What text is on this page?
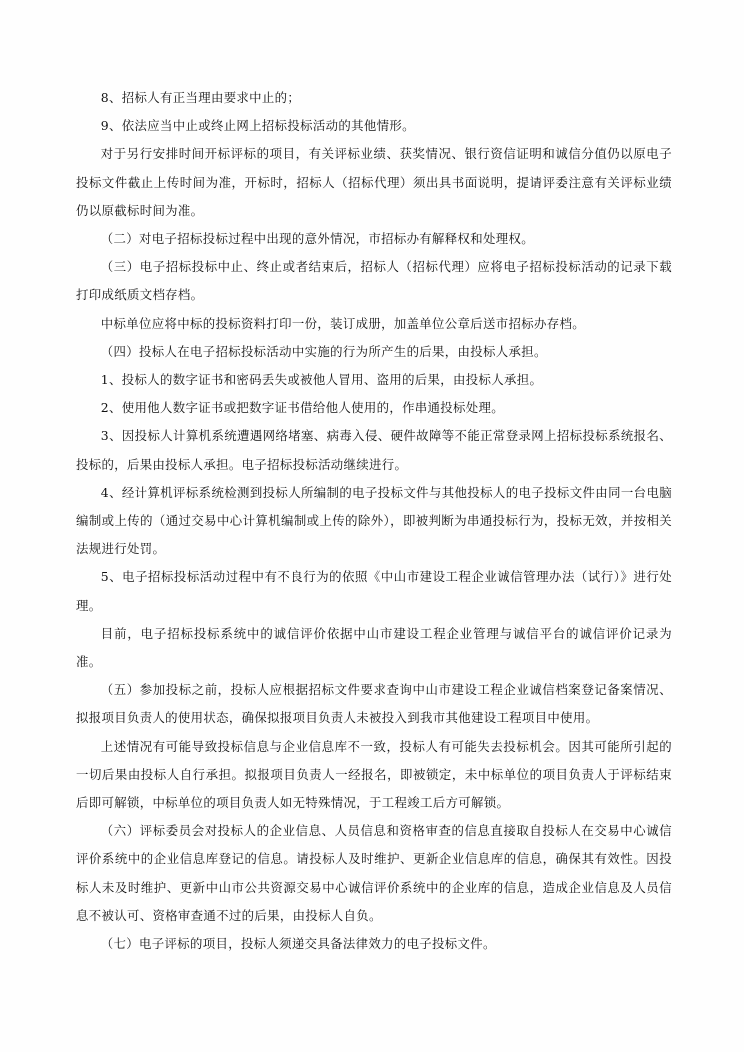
8、招标人有正当理由要求中止的；

9、依法应当中止或终止网上招标投标活动的其他情形。

对于另行安排时间开标评标的项目，有关评标业绩、获奖情况、银行资信证明和诚信分值仍以原电子投标文件截止上传时间为准，开标时，招标人（招标代理）须出具书面说明，提请评委注意有关评标业绩仍以原截标时间为准。

（二）对电子招标投标过程中出现的意外情况，市招标办有解释权和处理权。

（三）电子招标投标中止、终止或者结束后，招标人（招标代理）应将电子招标投标活动的记录下载打印成纸质文档存档。

中标单位应将中标的投标资料打印一份，装订成册，加盖单位公章后送市招标办存档。

（四）投标人在电子招标投标活动中实施的行为所产生的后果，由投标人承担。

1、投标人的数字证书和密码丢失或被他人冒用、盗用的后果，由投标人承担。

2、使用他人数字证书或把数字证书借给他人使用的，作串通投标处理。

3、因投标人计算机系统遭遇网络堵塞、病毒入侵、硬件故障等不能正常登录网上招标投标系统报名、投标的，后果由投标人承担。电子招标投标活动继续进行。

4、经计算机评标系统检测到投标人所编制的电子投标文件与其他投标人的电子投标文件由同一台电脑编制或上传的（通过交易中心计算机编制或上传的除外），即被判断为串通投标行为，投标无效，并按相关法规进行处罚。

5、电子招标投标活动过程中有不良行为的依照《中山市建设工程企业诚信管理办法（试行）》进行处理。

目前，电子招标投标系统中的诚信评价依据中山市建设工程企业管理与诚信平台的诚信评价记录为准。

（五）参加投标之前，投标人应根据招标文件要求查询中山市建设工程企业诚信档案登记备案情况、拟报项目负责人的使用状态，确保拟报项目负责人未被投入到我市其他建设工程项目中使用。

上述情况有可能导致投标信息与企业信息库不一致，投标人有可能失去投标机会。因其可能所引起的一切后果由投标人自行承担。拟报项目负责人一经报名，即被锁定，未中标单位的项目负责人于评标结束后即可解锁，中标单位的项目负责人如无特殊情况，于工程竣工后方可解锁。

（六）评标委员会对投标人的企业信息、人员信息和资格审查的信息直接取自投标人在交易中心诚信评价系统中的企业信息库登记的信息。请投标人及时维护、更新企业信息库的信息，确保其有效性。因投标人未及时维护、更新中山市公共资源交易中心诚信评价系统中的企业库的信息，造成企业信息及人员信息不被认可、资格审查通不过的后果，由投标人自负。

（七）电子评标的项目，投标人须递交具备法律效力的电子投标文件。
